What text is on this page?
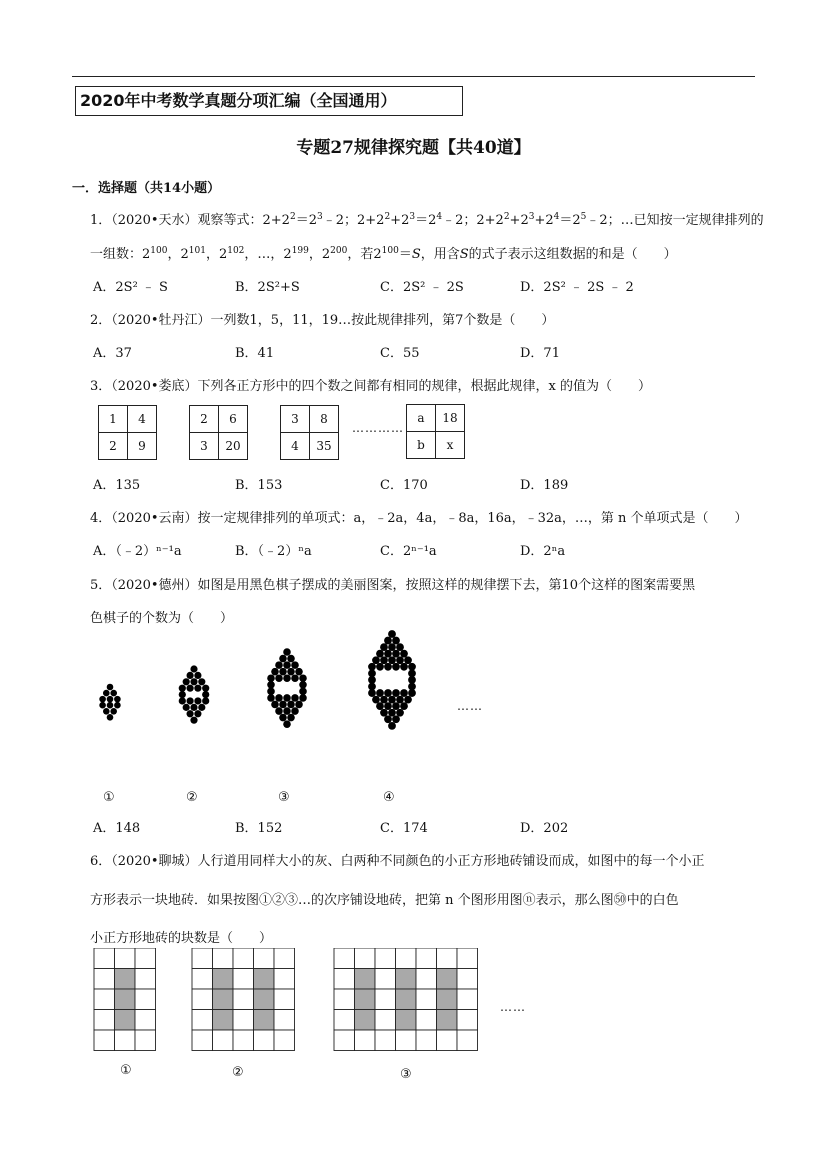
2020年中考数学真题分项汇编（全国通用）
专题27规律探究题【共40道】
一．选择题（共14小题）
1．（2020•天水）观察等式：$2+2^2=2^3﹣2$；$2+2^2+2^3=2^4﹣2$；$2+2^2+2^3+2^4=2^5﹣2$；…已知按一定规律排列的
一组数：$2^{100}$，$2^{101}$，$2^{102}$，…，$2^{199}$，$2^{200}$，若$2^{100}=S$，用含S的式子表示这组数据的和是（　　）
A．2S² ﹣ S	B．2S²+S	C．2S² ﹣ 2S	D．2S² ﹣ 2S ﹣ 2
2．（2020•牡丹江）一列数1，5，11，19…按此规律排列，第7个数是（　　）
A．37	B．41	C．55	D．71
3．（2020•娄底）下列各正方形中的四个数之间都有相同的规律，根据此规律，x 的值为（　　）
1	4
2	9
2	6
3	20
3	8
4	35
…………
a	18
b	x
A．135	B．153	C．170	D．189
4．（2020•云南）按一定规律排列的单项式：a，﹣2a，4a，﹣8a，16a，﹣32a，…，第 n 个单项式是（　　）
A．（﹣2）ⁿ⁻¹a	B．（﹣2）ⁿa	C．2ⁿ⁻¹a	D．2ⁿa
5．（2020•德州）如图是用黑色棋子摆成的美丽图案，按照这样的规律摆下去，第10个这样的图案需要黑
色棋子的个数为（　　）
……
①	②	③	④
A．148	B．152	C．174	D．202
6．（2020•聊城）人行道用同样大小的灰、白两种不同颜色的小正方形地砖铺设而成，如图中的每一个小正
方形表示一块地砖．如果按图①②③…的次序铺设地砖，把第 n 个图形用图ⓝ表示，那么图㊿中的白色
小正方形地砖的块数是（　　）
……
①	②	③
